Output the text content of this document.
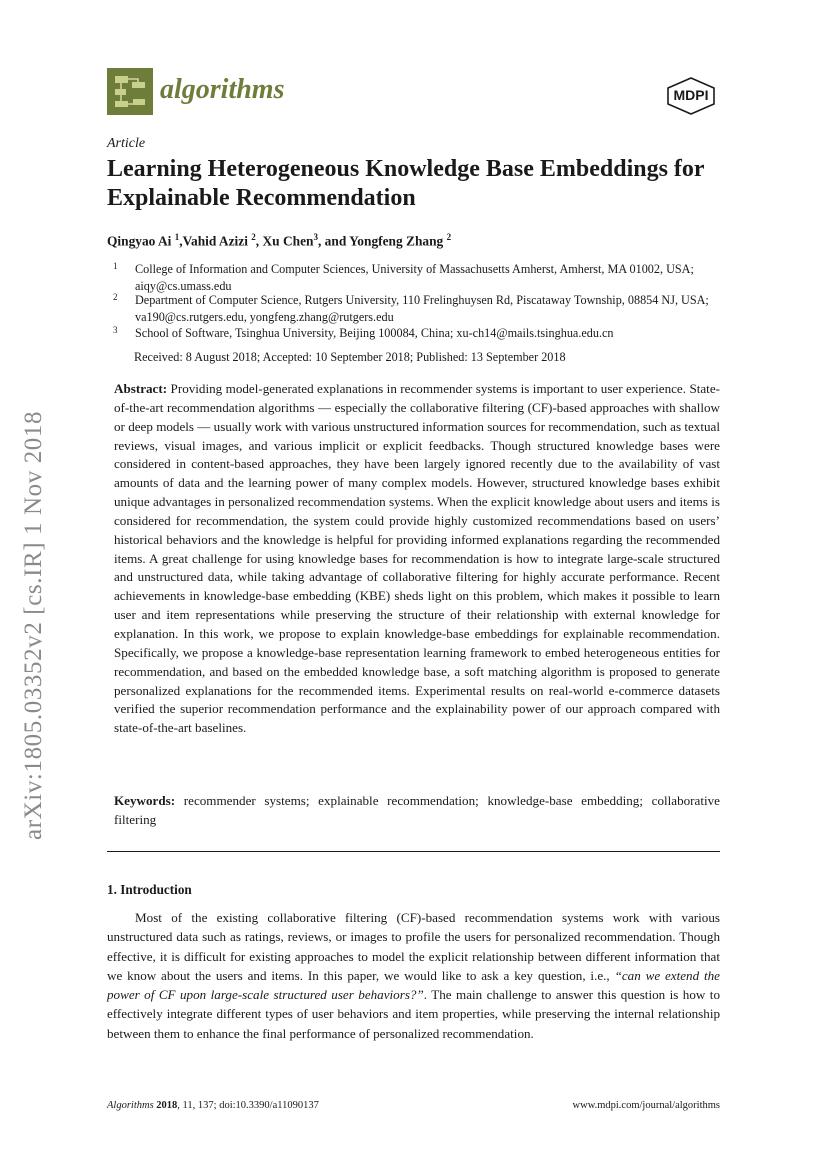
arXiv:1805.03352v2 [cs.IR] 1 Nov 2018
algorithms	MDPI
Article
Learning Heterogeneous Knowledge Base Embeddings for Explainable Recommendation
Qingyao Ai $^1$,Vahid Azizi $^2$, Xu Chen$^3$, and Yongfeng Zhang $^2$
1 College of Information and Computer Sciences, University of Massachusetts Amherst, Amherst, MA 01002, USA; aiqy@cs.umass.edu
2 Department of Computer Science, Rutgers University, 110 Frelinghuysen Rd, Piscataway Township, 08854 NJ, USA; va190@cs.rutgers.edu, yongfeng.zhang@rutgers.edu
3 School of Software, Tsinghua University, Beijing 100084, China; xu-ch14@mails.tsinghua.edu.cn
Received: 8 August 2018; Accepted: 10 September 2018; Published: 13 September 2018
Abstract: Providing model-generated explanations in recommender systems is important to user experience. State-of-the-art recommendation algorithms — especially the collaborative filtering (CF)-based approaches with shallow or deep models — usually work with various unstructured information sources for recommendation, such as textual reviews, visual images, and various implicit or explicit feedbacks. Though structured knowledge bases were considered in content-based approaches, they have been largely ignored recently due to the availability of vast amounts of data and the learning power of many complex models. However, structured knowledge bases exhibit unique advantages in personalized recommendation systems. When the explicit knowledge about users and items is considered for recommendation, the system could provide highly customized recommendations based on users’ historical behaviors and the knowledge is helpful for providing informed explanations regarding the recommended items. A great challenge for using knowledge bases for recommendation is how to integrate large-scale structured and unstructured data, while taking advantage of collaborative filtering for highly accurate performance. Recent achievements in knowledge-base embedding (KBE) sheds light on this problem, which makes it possible to learn user and item representations while preserving the structure of their relationship with external knowledge for explanation. In this work, we propose to explain knowledge-base embeddings for explainable recommendation. Specifically, we propose a knowledge-base representation learning framework to embed heterogeneous entities for recommendation, and based on the embedded knowledge base, a soft matching algorithm is proposed to generate personalized explanations for the recommended items. Experimental results on real-world e-commerce datasets verified the superior recommendation performance and the explainability power of our approach compared with state-of-the-art baselines.
Keywords: recommender systems; explainable recommendation; knowledge-base embedding; collaborative filtering
1. Introduction
Most of the existing collaborative filtering (CF)-based recommendation systems work with various unstructured data such as ratings, reviews, or images to profile the users for personalized recommendation. Though effective, it is difficult for existing approaches to model the explicit relationship between different information that we know about the users and items. In this paper, we would like to ask a key question, i.e., “can we extend the power of CF upon large-scale structured user behaviors?”. The main challenge to answer this question is how to effectively integrate different types of user behaviors and item properties, while preserving the internal relationship between them to enhance the final performance of personalized recommendation.
Algorithms 2018, 11, 137; doi:10.3390/a11090137	www.mdpi.com/journal/algorithms
